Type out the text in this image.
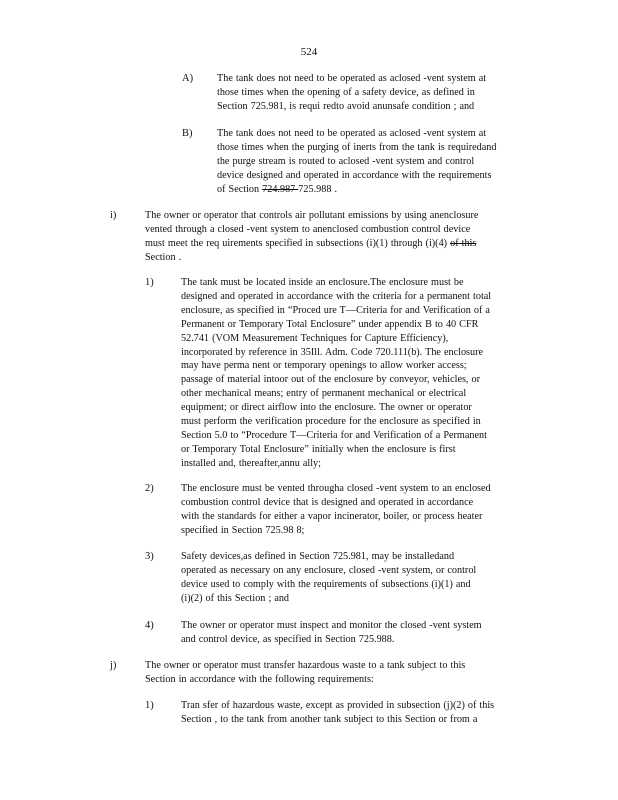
524
A) The tank does not need to be operated as aclosed -vent system at
those times when the opening of a safety device, as defined in
Section 725.981, is requi redto avoid anunsafe condition ; and

B) The tank does not need to be operated as aclosed -vent system at
those times when the purging of inerts from the tank is requiredand
the purge stream is routed to aclosed -vent system and control
device designed and operated in accordance with the requirements
of Section 724.987 725.988 .

i)	The owner or operator that controls air pollutant emissions by using anenclosure
vented through a closed -vent system to anenclosed combustion control device
must meet the req uirements specified in subsections (i)(1) through (i)(4) of this
Section .

1)	The tank must be located inside an enclosure.The enclosure must be
designed and operated in accordance with the criteria for a permanent total
enclosure, as specified in “Proced ure T—Criteria for and Verification of a
Permanent or Temporary Total Enclosure” under appendix B to 40 CFR
52.741 (VOM Measurement Techniques for Capture Efficiency),
incorporated by reference in 35Ill. Adm. Code 720.111(b). The enclosure
may have perma nent or temporary openings to allow worker access;
passage of material intoor out of the enclosure by conveyor, vehicles, or
other mechanical means; entry of permanent mechanical or electrical
equipment; or direct airflow into the enclosure. The owner or operator
must perform the verification procedure for the enclosure as specified in
Section 5.0 to “Procedure T—Criteria for and Verification of a Permanent
or Temporary Total Enclosure” initially when the enclosure is first
installed and, thereafter,annu ally;

2)	The enclosure must be vented througha closed -vent system to an enclosed
combustion control device that is designed and operated in accordance
with the standards for either a vapor incinerator, boiler, or process heater
specified in Section 725.98 8;

3)	Safety devices,as defined in Section 725.981, may be installedand
operated as necessary on any enclosure, closed -vent system, or control
device used to comply with the requirements of subsections (i)(1) and
(i)(2) of this Section ; and

4)	The owner or operator must inspect and monitor the closed -vent system
and control device, as specified in Section 725.988.

j)	The owner or operator must transfer hazardous waste to a tank subject to this
Section in accordance with the following requirements:

1)	Tran sfer of hazardous waste, except as provided in subsection (j)(2) of this
Section , to the tank from another tank subject to this Section or from a
